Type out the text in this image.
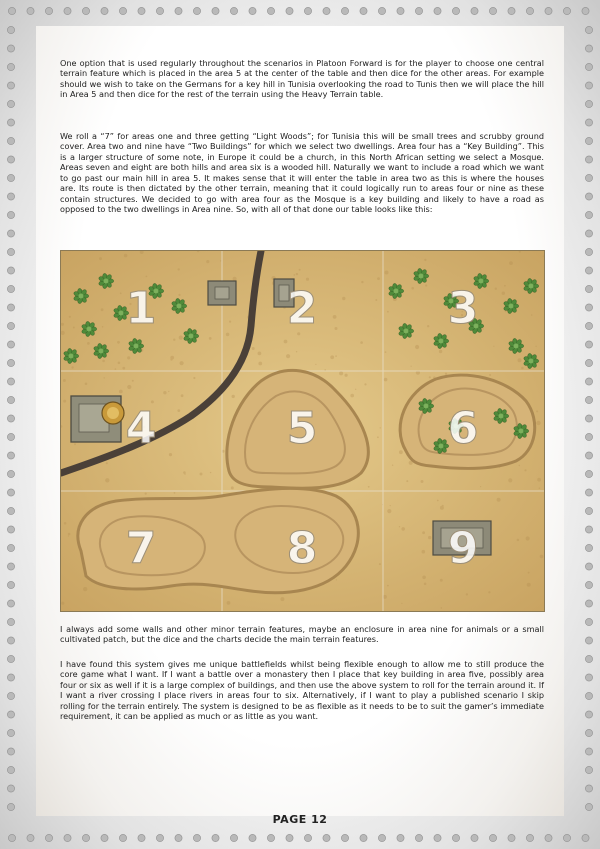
One option that is used regularly throughout the scenarios in Platoon Forward is for the player to choose one central terrain feature which is placed in the area 5 at the center of the table and then dice for the other areas. For example should we wish to take on the Germans for a key hill in Tunisia overlooking the road to Tunis then we will place the hill in Area 5 and then dice for the rest of the terrain using the Heavy Terrain table.

We roll a “7” for areas one and three getting “Light Woods”; for Tunisia this will be small trees and scrubby ground cover. Area two and nine have “Two Buildings” for which we select two dwellings. Area four has a “Key Building”. This is a larger structure of some note, in Europe it could be a church, in this North African setting we select a Mosque. Areas seven and eight are both hills and area six is a wooded hill. Naturally we want to include a road which we want to go past our main hill in area 5. It makes sense that it will enter the table in area two as this is where the houses are. Its route is then dictated by the other terrain, meaning that it could logically run to areas four or nine as these contain structures. We decided to go with area four as the Mosque is a key building and likely to have a road as opposed to the two dwellings in Area nine. So, with all of that done our table looks like this:

1	2	3
4	5	6
7	8	9

I always add some walls and other minor terrain features, maybe an enclosure in area nine for animals or a small cultivated patch, but the dice and the charts decide the main terrain features.

I have found this system gives me unique battlefields whilst being flexible enough to allow me to still produce the core game what I want. If I want a battle over a monastery then I place that key building in area five, possibly area four or six as well if it is a large complex of buildings, and then use the above system to roll for the terrain around it. If I want a river crossing I place rivers in areas four to six. Alternatively, if I want to play a published scenario I skip rolling for the terrain entirely. The system is designed to be as flexible as it needs to be to suit the gamer’s immediate requirement, it can be applied as much or as little as you want.

PAGE 12
